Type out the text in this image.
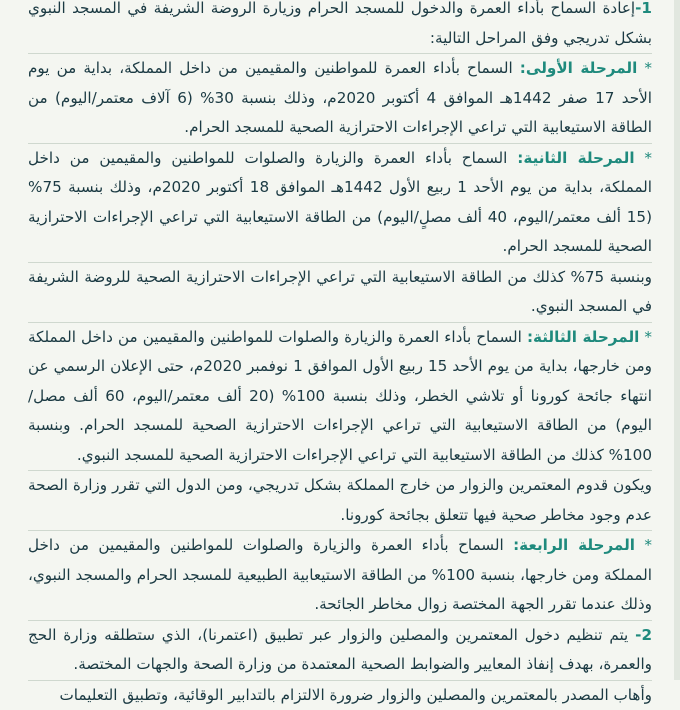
1-إعادة السماح بأداء العمرة والدخول للمسجد الحرام وزيارة الروضة الشريفة في المسجد النبوي بشكل تدريجي وفق المراحل التالية:

* المرحلة الأولى: السماح بأداء العمرة للمواطنين والمقيمين من داخل المملكة، بداية من يوم الأحد 17 صفر 1442هـ الموافق 4 أكتوبر 2020م، وذلك بنسبة 30% (6 آلاف معتمر/اليوم) من الطاقة الاستيعابية التي تراعي الإجراءات الاحترازية الصحية للمسجد الحرام.

* المرحلة الثانية: السماح بأداء العمرة والزيارة والصلوات للمواطنين والمقيمين من داخل المملكة، بداية من يوم الأحد 1 ربيع الأول 1442هـ الموافق 18 أكتوبر 2020م، وذلك بنسبة 75% (15 ألف معتمر/اليوم، 40 ألف مصلٍ/اليوم) من الطاقة الاستيعابية التي تراعي الإجراءات الاحترازية الصحية للمسجد الحرام.

وبنسبة 75% كذلك من الطاقة الاستيعابية التي تراعي الإجراءات الاحترازية الصحية للروضة الشريفة في المسجد النبوي.

* المرحلة الثالثة: السماح بأداء العمرة والزيارة والصلوات للمواطنين والمقيمين من داخل المملكة ومن خارجها، بداية من يوم الأحد 15 ربيع الأول الموافق 1 نوفمبر 2020م، حتى الإعلان الرسمي عن انتهاء جائحة كورونا أو تلاشي الخطر، وذلك بنسبة 100% (20 ألف معتمر/اليوم، 60 ألف مصل/اليوم) من الطاقة الاستيعابية التي تراعي الإجراءات الاحترازية الصحية للمسجد الحرام. وبنسبة 100% كذلك من الطاقة الاستيعابية التي تراعي الإجراءات الاحترازية الصحية للمسجد النبوي.

ويكون قدوم المعتمرين والزوار من خارج المملكة بشكل تدريجي، ومن الدول التي تقرر وزارة الصحة عدم وجود مخاطر صحية فيها تتعلق بجائحة كورونا.

* المرحلة الرابعة: السماح بأداء العمرة والزيارة والصلوات للمواطنين والمقيمين من داخل المملكة ومن خارجها، بنسبة 100% من الطاقة الاستيعابية الطبيعية للمسجد الحرام والمسجد النبوي، وذلك عندما تقرر الجهة المختصة زوال مخاطر الجائحة.

2- يتم تنظيم دخول المعتمرين والمصلين والزوار عبر تطبيق (اعتمرنا)، الذي ستطلقه وزارة الحج والعمرة، بهدف إنفاذ المعايير والضوابط الصحية المعتمدة من وزارة الصحة والجهات المختصة.

وأهاب المصدر بالمعتمرين والمصلين والزوار ضرورة الالتزام بالتدابير الوقائية، وتطبيق التعليمات
